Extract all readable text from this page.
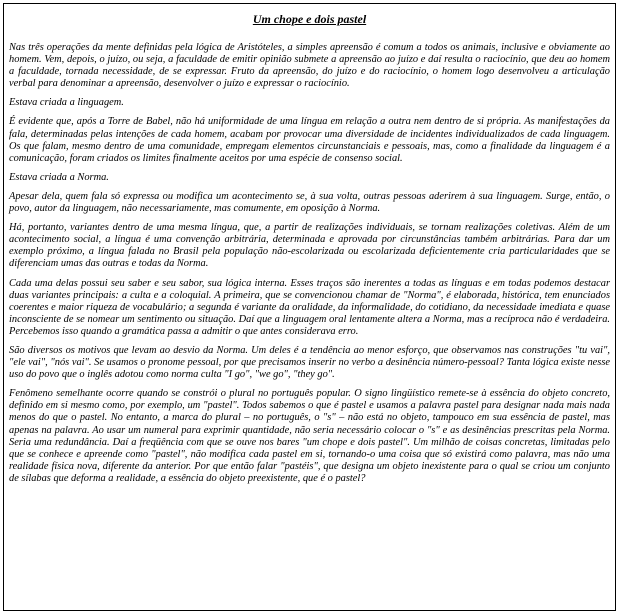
Um chope e dois pastel

Nas três operações da mente definidas pela lógica de Aristóteles, a simples apreensão é comum a todos os animais, inclusive e obviamente ao homem. Vem, depois, o juízo, ou seja, a faculdade de emitir opinião submete a apreensão ao juízo e daí resulta o raciocínio, que deu ao homem a faculdade, tornada necessidade, de se expressar. Fruto da apreensão, do juízo e do raciocínio, o homem logo desenvolveu a articulação verbal para denominar a apreensão, desenvolver o juízo e expressar o raciocínio.

Estava criada a linguagem.

É evidente que, após a Torre de Babel, não há uniformidade de uma língua em relação a outra nem dentro de si própria. As manifestações da fala, determinadas pelas intenções de cada homem, acabam por provocar uma diversidade de incidentes individualizados de cada linguagem. Os que falam, mesmo dentro de uma comunidade, empregam elementos circunstanciais e pessoais, mas, como a finalidade da linguagem é a comunicação, foram criados os limites finalmente aceitos por uma espécie de consenso social.

Estava criada a Norma.

Apesar dela, quem fala só expressa ou modifica um acontecimento se, à sua volta, outras pessoas aderirem à sua linguagem. Surge, então, o povo, autor da linguagem, não necessariamente, mas comumente, em oposição à Norma.

Há, portanto, variantes dentro de uma mesma língua, que, a partir de realizações individuais, se tornam realizações coletivas. Além de um acontecimento social, a língua é uma convenção arbitrária, determinada e aprovada por circunstâncias também arbitrárias. Para dar um exemplo próximo, a língua falada no Brasil pela população não-escolarizada ou escolarizada deficientemente cria particularidades que se diferenciam umas das outras e todas da Norma.

Cada uma delas possui seu saber e seu sabor, sua lógica interna. Esses traços são inerentes a todas as línguas e em todas podemos destacar duas variantes principais: a culta e a coloquial. A primeira, que se convencionou chamar de "Norma", é elaborada, histórica, tem enunciados coerentes e maior riqueza de vocabulário; a segunda é variante da oralidade, da informalidade, do cotidiano, da necessidade imediata e quase inconsciente de se nomear um sentimento ou situação. Daí que a linguagem oral lentamente altera a Norma, mas a recíproca não é verdadeira. Percebemos isso quando a gramática passa a admitir o que antes considerava erro.

São diversos os motivos que levam ao desvio da Norma. Um deles é a tendência ao menor esforço, que observamos nas construções "tu vai", "ele vai", "nós vai". Se usamos o pronome pessoal, por que precisamos inserir no verbo a desinência número-pessoal? Tanta lógica existe nesse uso do povo que o inglês adotou como norma culta "I go", "we go", "they go".

Fenômeno semelhante ocorre quando se constrói o plural no português popular. O signo lingüístico remete-se à essência do objeto concreto, definido em si mesmo como, por exemplo, um "pastel". Todos sabemos o que é pastel e usamos a palavra pastel para designar nada mais nada menos do que o pastel. No entanto, a marca do plural – no português, o "s" – não está no objeto, tampouco em sua essência de pastel, mas apenas na palavra. Ao usar um numeral para exprimir quantidade, não seria necessário colocar o "s" e as desinências prescritas pela Norma. Seria uma redundância. Daí a freqüência com que se ouve nos bares "um chope e dois pastel". Um milhão de coisas concretas, limitadas pelo que se conhece e apreende como "pastel", não modifica cada pastel em si, tornando-o uma coisa que só existirá como palavra, mas não uma realidade física nova, diferente da anterior. Por que então falar "pastéis", que designa um objeto inexistente para o qual se criou um conjunto de sílabas que deforma a realidade, a essência do objeto preexistente, que é o pastel?
